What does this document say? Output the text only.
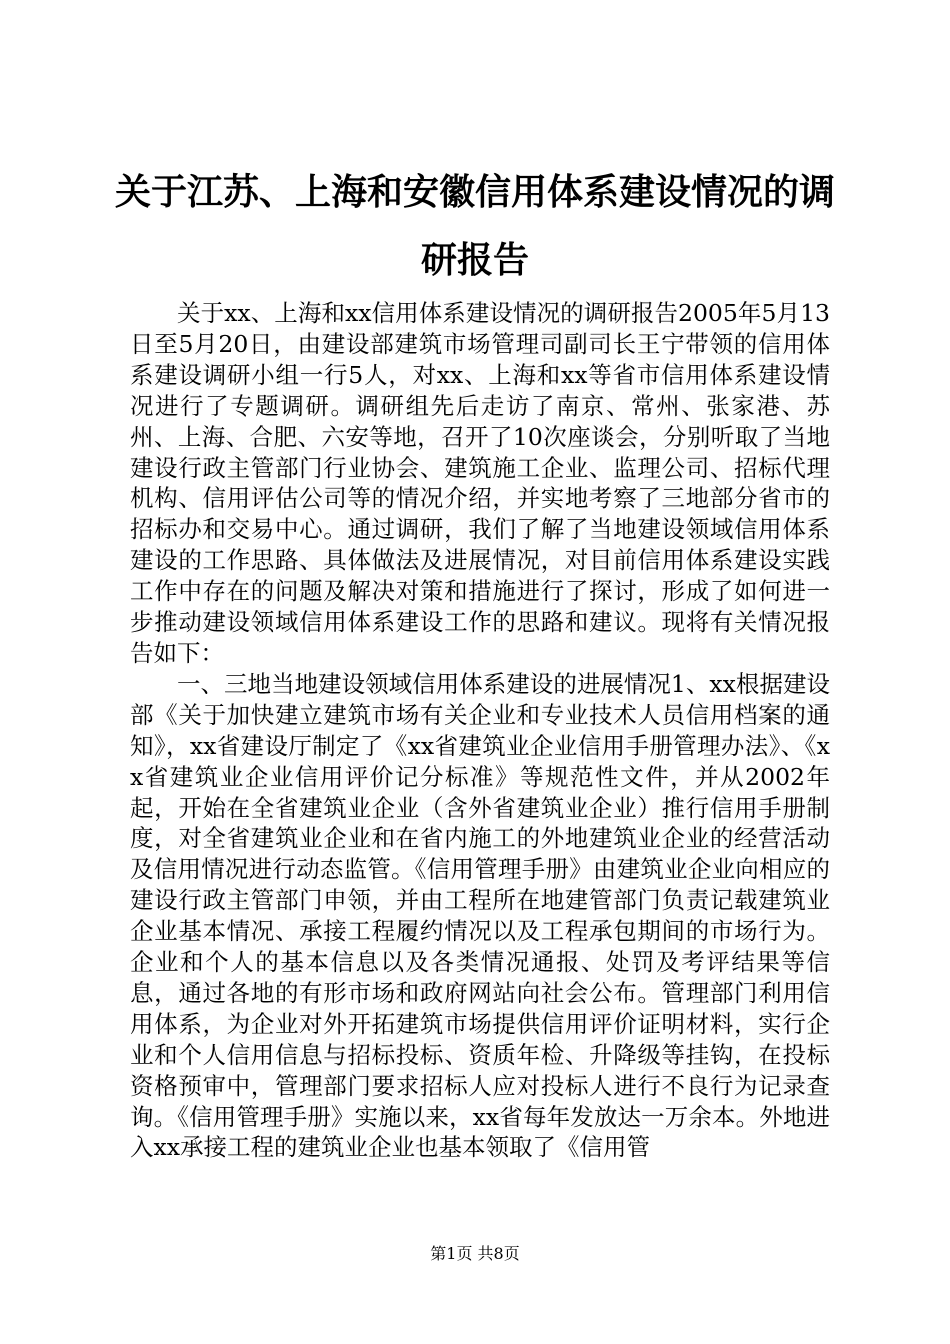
关于江苏、上海和安徽信用体系建设情况的调研报告

关于xx、上海和xx信用体系建设情况的调研报告2005年5月13日至5月20日，由建设部建筑市场管理司副司长王宁带领的信用体系建设调研小组一行5人，对xx、上海和xx等省市信用体系建设情况进行了专题调研。调研组先后走访了南京、常州、张家港、苏州、上海、合肥、六安等地，召开了10次座谈会，分别听取了当地建设行政主管部门行业协会、建筑施工企业、监理公司、招标代理机构、信用评估公司等的情况介绍，并实地考察了三地部分省市的招标办和交易中心。通过调研，我们了解了当地建设领域信用体系建设的工作思路、具体做法及进展情况，对目前信用体系建设实践工作中存在的问题及解决对策和措施进行了探讨，形成了如何进一步推动建设领域信用体系建设工作的思路和建议。现将有关情况报告如下：

一、三地当地建设领域信用体系建设的进展情况1、xx根据建设部《关于加快建立建筑市场有关企业和专业技术人员信用档案的通知》，xx省建设厅制定了《xx省建筑业企业信用手册管理办法》、《xx省建筑业企业信用评价记分标准》等规范性文件，并从2002年起，开始在全省建筑业企业（含外省建筑业企业）推行信用手册制度，对全省建筑业企业和在省内施工的外地建筑业企业的经营活动及信用情况进行动态监管。《信用管理手册》由建筑业企业向相应的建设行政主管部门申领，并由工程所在地建管部门负责记载建筑业企业基本情况、承接工程履约情况以及工程承包期间的市场行为。企业和个人的基本信息以及各类情况通报、处罚及考评结果等信息，通过各地的有形市场和政府网站向社会公布。管理部门利用信用体系，为企业对外开拓建筑市场提供信用评价证明材料，实行企业和个人信用信息与招标投标、资质年检、升降级等挂钩，在投标资格预审中，管理部门要求招标人应对投标人进行不良行为记录查询。《信用管理手册》实施以来，xx省每年发放达一万余本。外地进入xx承接工程的建筑业企业也基本领取了《信用管

第1页 共8页
